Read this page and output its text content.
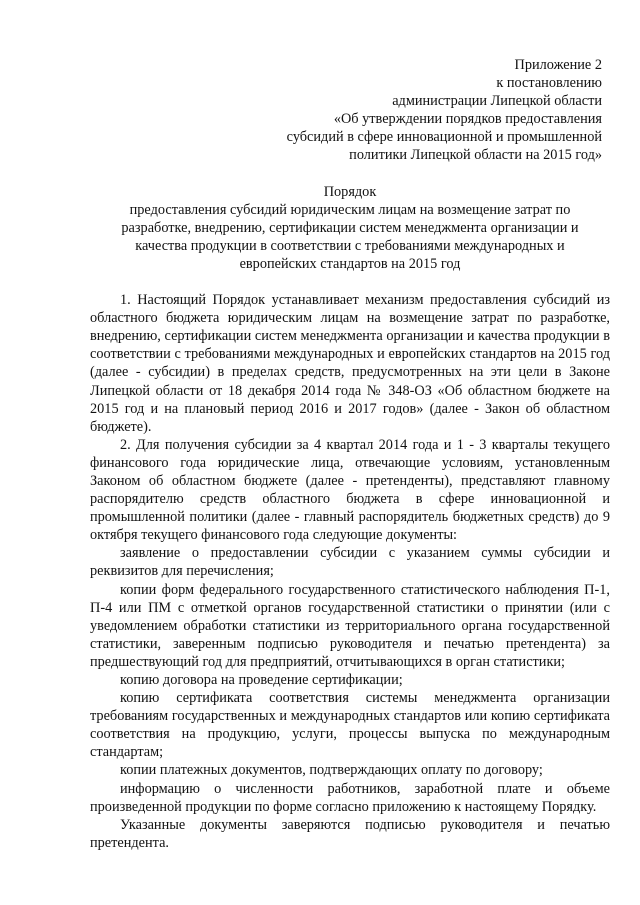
Приложение 2
к постановлению
администрации Липецкой области
«Об утверждении порядков предоставления
субсидий в сфере инновационной и промышленной
политики Липецкой области на 2015 год»
Порядок
предоставления субсидий юридическим лицам на возмещение затрат по
разработке, внедрению, сертификации систем менеджмента организации и
качества продукции в соответствии с требованиями международных и
европейских стандартов на 2015 год

1. Настоящий Порядок устанавливает механизм предоставления субсидий из областного бюджета юридическим лицам на возмещение затрат по разработке, внедрению, сертификации систем менеджмента организации и качества продукции в соответствии с требованиями международных и европейских стандартов на 2015 год (далее - субсидии) в пределах средств, предусмотренных на эти цели в Законе Липецкой области от 18 декабря 2014 года № 348-ОЗ «Об областном бюджете на 2015 год и на плановый период 2016 и 2017 годов» (далее - Закон об областном бюджете).

2. Для получения субсидии за 4 квартал 2014 года и 1 - 3 кварталы текущего финансового года юридические лица, отвечающие условиям, установленным Законом об областном бюджете (далее - претенденты), представляют главному распорядителю средств областного бюджета в сфере инновационной и промышленной политики (далее - главный распорядитель бюджетных средств) до 9 октября текущего финансового года следующие документы:

заявление о предоставлении субсидии с указанием суммы субсидии и реквизитов для перечисления;

копии форм федерального государственного статистического наблюдения П-1, П-4 или ПМ с отметкой органов государственной статистики о принятии (или с уведомлением обработки статистики из территориального органа государственной статистики, заверенным подписью руководителя и печатью претендента) за предшествующий год для предприятий, отчитывающихся в орган статистики;

копию договора на проведение сертификации;

копию сертификата соответствия системы менеджмента организации требованиям государственных и международных стандартов или копию сертификата соответствия на продукцию, услуги, процессы выпуска по международным стандартам;

копии платежных документов, подтверждающих оплату по договору;

информацию о численности работников, заработной плате и объеме произведенной продукции по форме согласно приложению к настоящему Порядку.

Указанные документы заверяются подписью руководителя и печатью претендента.
